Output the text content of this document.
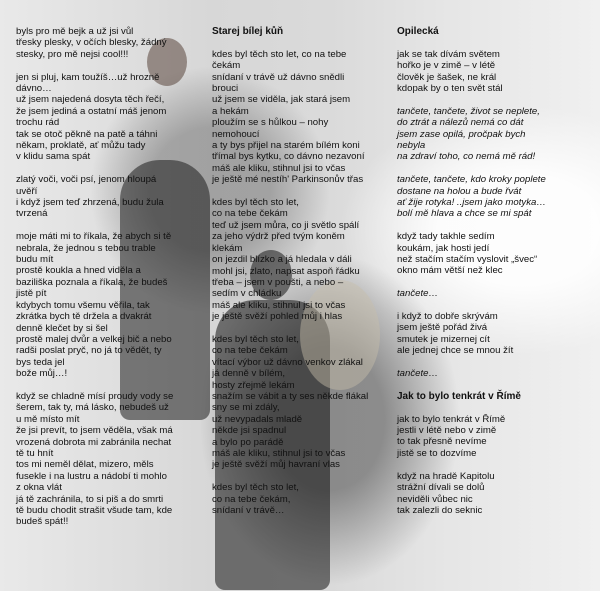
byls pro mě bejk a už jsi vůl
třesky plesky, v očích blesky, žádný
stesky, pro mě nejsi cool!!!
jen si pluj, kam toužíš…už hrozně
dávno…
už jsem najedená dosyta těch řečí,
že jsem jediná a ostatní máš jenom
trochu rád
tak se otoč pěkně na patě a táhni
někam, proklatě, ať můžu tady
v klidu sama spát
zlatý voči, voči psí, jenom hloupá
uvěří
i když jsem teď zhrzená, budu žula
tvrzená
moje máti mi to říkala, že abych si tě
nebrala, že jednou s tebou trable
budu mít
prostě koukla a hned viděla a
baziliška poznala a říkala, že budeš
jistě pít
kdybych tomu všemu věřila, tak
zkrátka bych tě držela a dvakrát
denně klečet by si šel
prostě malej dvůr a velkej bič a nebo
radši poslat pryč, no já to vědět, ty
bys teda jel
bože můj…!
když se chladně mísí proudy vody se
šerem, tak ty, má lásko, nebudeš už
u mě místo mít
že jsi prevít, to jsem věděla, však má
vrozená dobrota mi zabránila nechat
tě tu hnít
tos mi neměl dělat, mizero, měls
fusekle i na lustru a nádobí ti mohlo
z okna vlát
já tě zachránila, to si piš a do smrti
tě budu chodit strašit všude tam, kde
budeš spát!!
Starej bílej kůň
kdes byl těch sto let, co na tebe
čekám
snídaní v trávě už dávno snědli
brouci
už jsem se viděla, jak stará jsem
a hekám
ploužím se s hůlkou – nohy
nemohoucí
a ty bys přijel na starém bílém koni
třímal bys kytku, co dávno nezavoní
máš ale kliku, stihnul jsi to včas
je ještě mé nestíh' Parkinsonův třas
kdes byl těch sto let,
co na tebe čekám
teď už jsem můra, co ji světlo spálí
za jeho výdrž před tvým koněm
klekám
on jezdil blízko a já hledala v dáli
mohl jsi, zlato, napsat aspoň řádku
třeba – jsem v poušti, a nebo –
sedím v chládku
máš ale kliku, stihnul jsi to včas
je ještě svěží pohled můj i hlas
kdes byl těch sto let,
co na tebe čekám
vítací výbor už dávno venkov zlákal
já denně v bílém,
hosty zřejmě lekám
snažím se vábit a ty ses někde flákal
sny se mi zdály,
už nevypadals mladě
někde jsi spadnul
a bylo po parádě
máš ale kliku, stihnul jsi to včas
je ještě svěží můj havraní vlas
kdes byl těch sto let,
co na tebe čekám,
snídaní v trávě…
Opilecká
jak se tak dívám světem
hořko je v zimě – v létě
člověk je šašek, ne král
kdopak by o ten svět stál
tančete, tančete, život se neplete,
do ztrát a nálezů nemá co dát
jsem zase opilá, pročpak bych
nebyla
na zdraví toho, co nemá mě rád!
tančete, tančete, kdo kroky poplete
dostane na holou a bude řvát
ať žije rotyka! ..jsem jako motyka…
bolí mě hlava a chce se mi spát
když tady takhle sedím
koukám, jak hosti jedí
než stačím stačím vyslovit „švec“
okno mám větší než klec
tančete…
i když to dobře skrývám
jsem ještě pořád živá
smutek je mizernej cít
ale jednej chce se mnou žít
tančete…
Jak to bylo tenkrát v Římě
jak to bylo tenkrát v Římě
jestli v létě nebo v zimě
to tak přesně nevíme
jistě se to dozvíme
když na hradě Kapitolu
strážní dívali se dolů
neviděli vůbec nic
tak zalezli do seknic
